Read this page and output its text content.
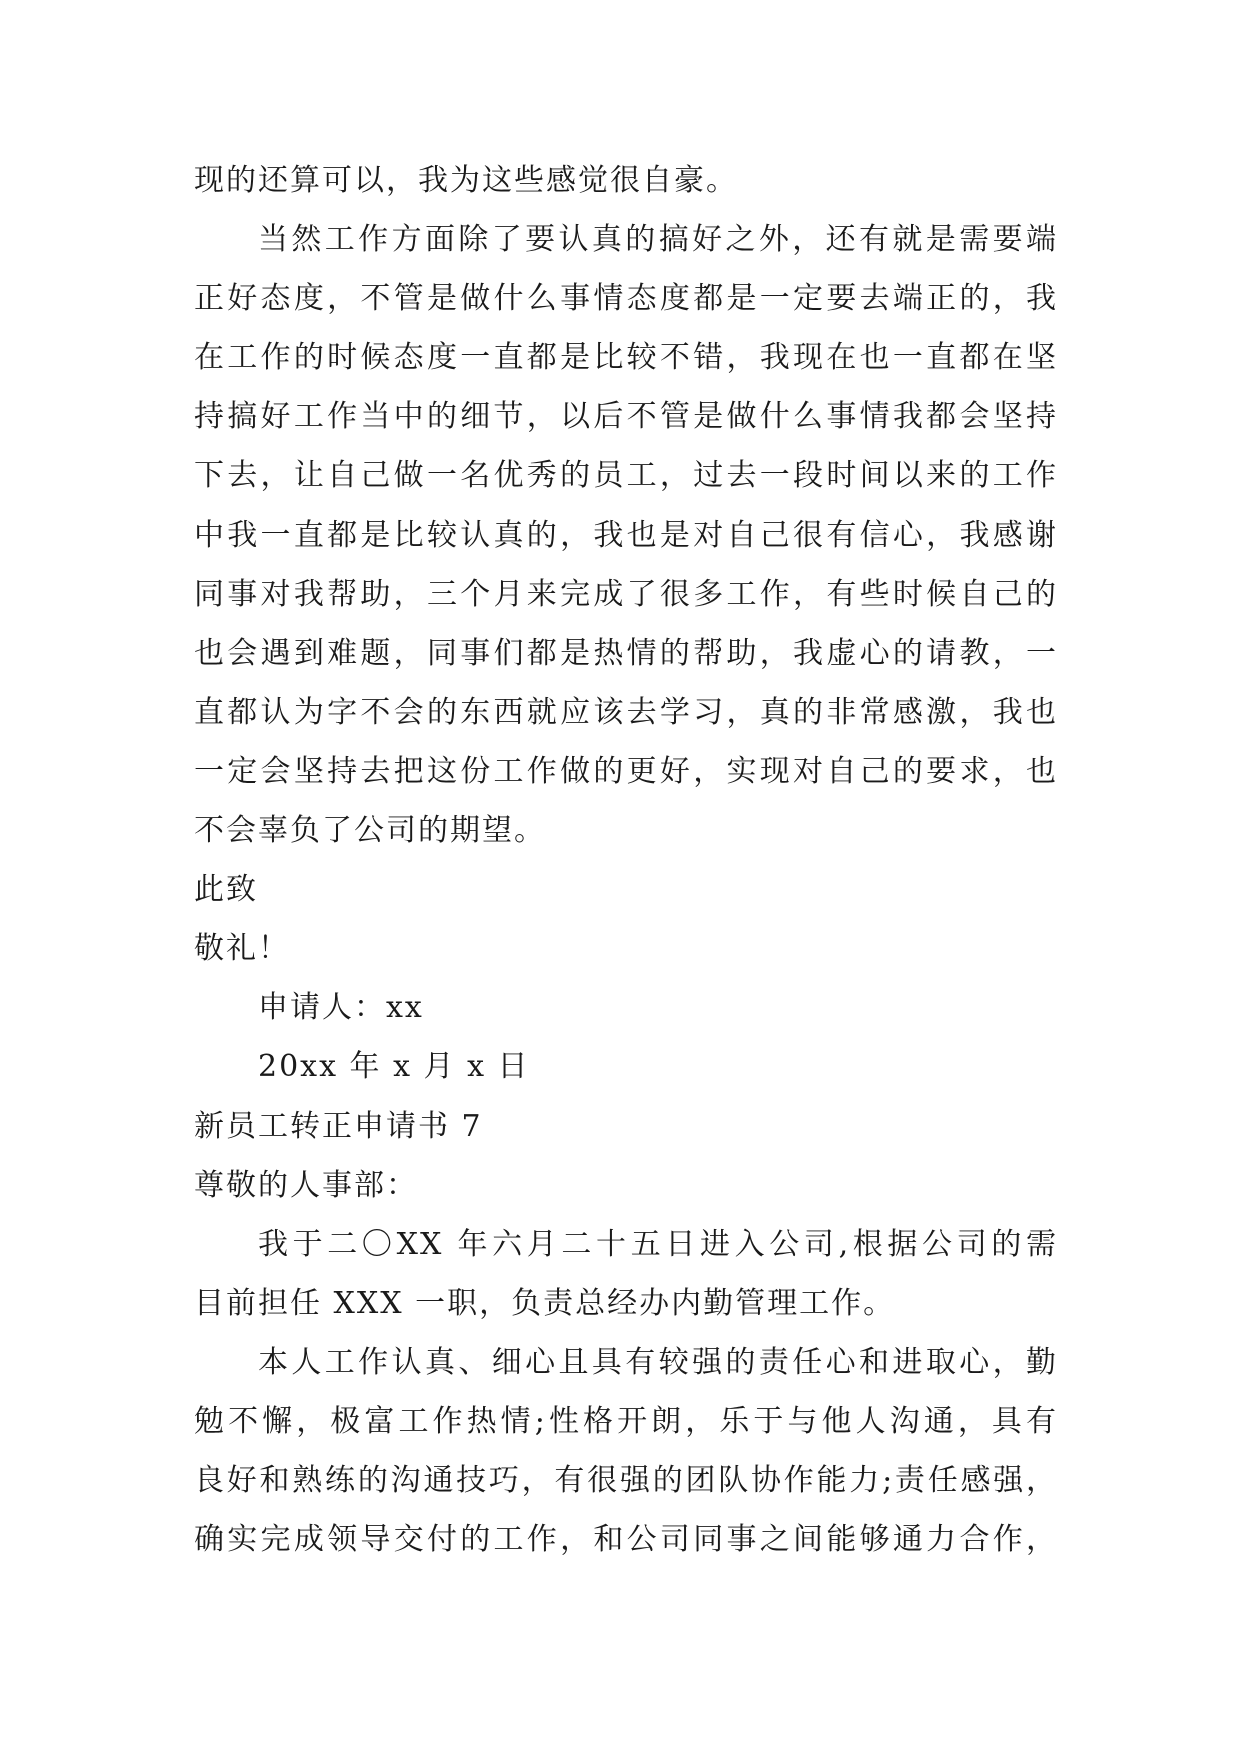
现的还算可以，我为这些感觉很自豪。
当然工作方面除了要认真的搞好之外，还有就是需要端
正好态度，不管是做什么事情态度都是一定要去端正的，我
在工作的时候态度一直都是比较不错，我现在也一直都在坚
持搞好工作当中的细节，以后不管是做什么事情我都会坚持
下去，让自己做一名优秀的员工，过去一段时间以来的工作
中我一直都是比较认真的，我也是对自己很有信心，我感谢
同事对我帮助，三个月来完成了很多工作，有些时候自己的
也会遇到难题，同事们都是热情的帮助，我虚心的请教，一
直都认为字不会的东西就应该去学习，真的非常感激，我也
一定会坚持去把这份工作做的更好，实现对自己的要求，也
不会辜负了公司的期望。
此致
敬礼！
申请人：xx
20xx 年 x 月 x 日
新员工转正申请书 7
尊敬的人事部：
我于二〇XX 年六月二十五日进入公司,根据公司的需
目前担任 XXX 一职，负责总经办内勤管理工作。
本人工作认真、细心且具有较强的责任心和进取心，勤
勉不懈，极富工作热情;性格开朗，乐于与他人沟通，具有
良好和熟练的沟通技巧，有很强的团队协作能力;责任感强，
确实完成领导交付的工作，和公司同事之间能够通力合作，
